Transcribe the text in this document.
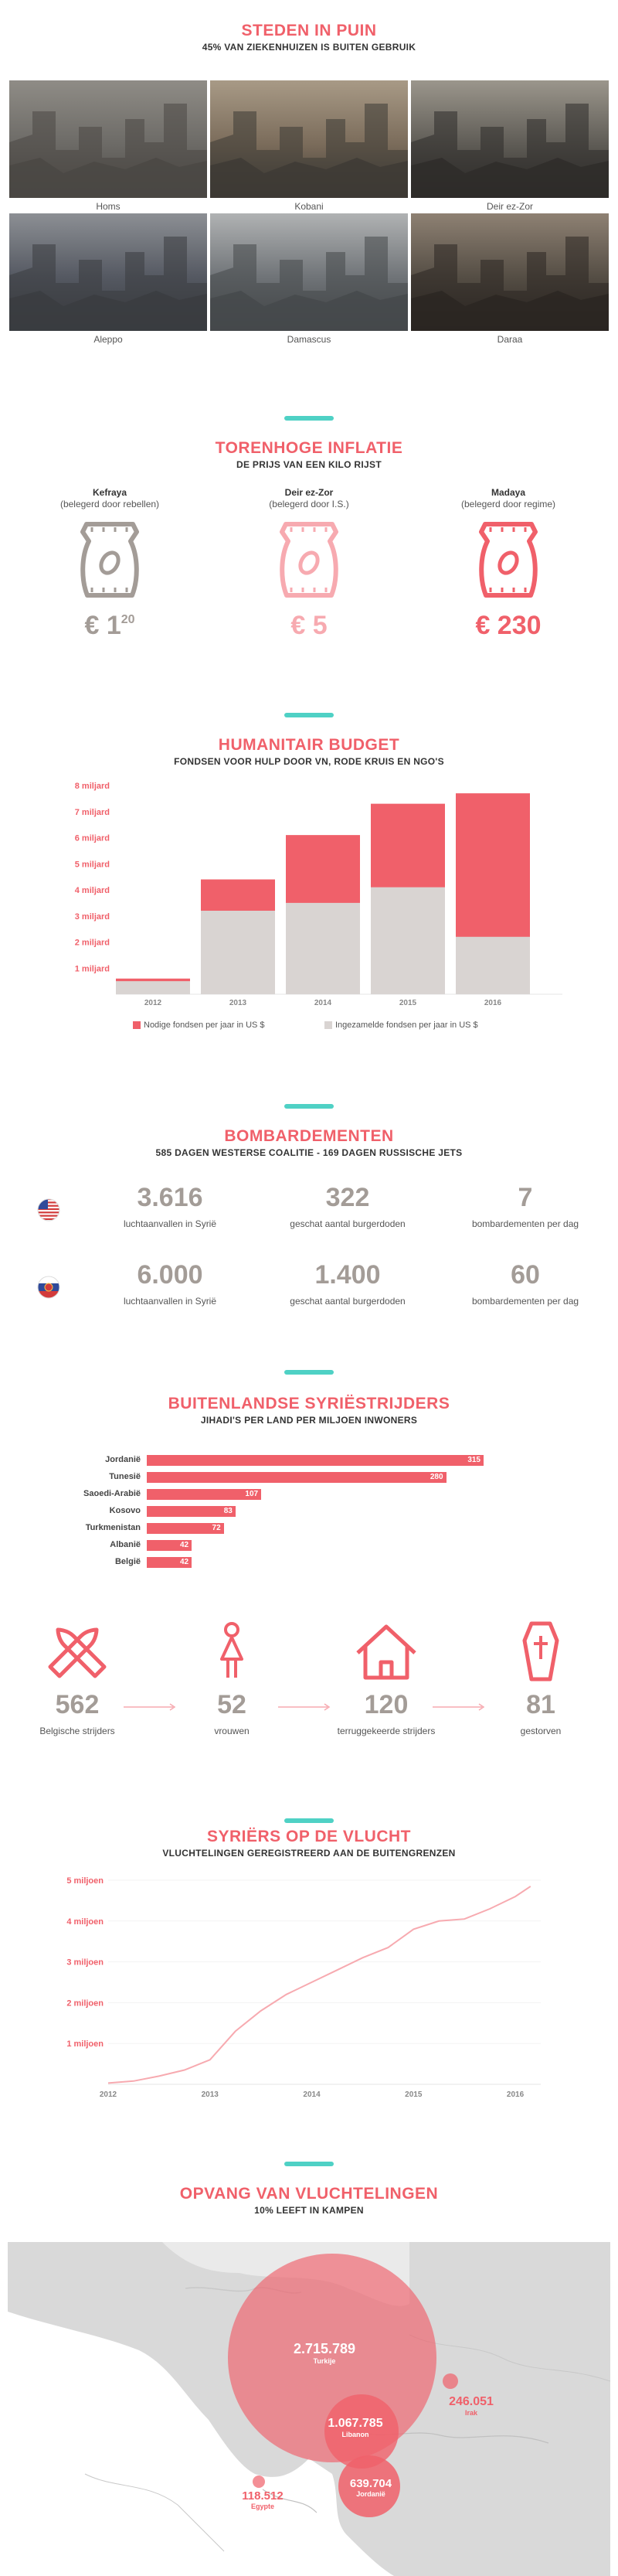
STEDEN IN PUIN
45% VAN ZIEKENHUIZEN IS BUITEN GEBRUIK
Homs	Kobani	Deir ez-Zor
Aleppo	Damascus	Daraa
TORENHOGE INFLATIE
DE PRIJS VAN EEN KILO RIJST
Kefraya
(belegerd door rebellen)
€ $1^{20}$
Deir ez-Zor
(belegerd door I.S.)
€ 5
Madaya
(belegerd door regime)
€ 230
HUMANITAIR BUDGET
FONDSEN VOOR HULP DOOR VN, RODE KRUIS EN NGO'S
1 miljard
2 miljard
3 miljard
4 miljard
5 miljard
6 miljard
7 miljard
8 miljard
2012	2013	2014	2015	2016
Nodige fondsen per jaar in US $	Ingezamelde fondsen per jaar in US $
BOMBARDEMENTEN
585 DAGEN WESTERSE COALITIE - 169 DAGEN RUSSISCHE JETS
3.616
luchtaanvallen in Syrië
322
geschat aantal burgerdoden
7
bombardementen per dag
6.000
luchtaanvallen in Syrië
1.400
geschat aantal burgerdoden
60
bombardementen per dag
BUITENLANDSE SYRIËSTRIJDERS
JIHADI'S PER LAND PER MILJOEN INWONERS
Jordanië	315
Tunesië	280
Saoedi-Arabië	107
Kosovo	83
Turkmenistan	72
Albanië	42
België	42
562
Belgische strijders
52
vrouwen
120
terruggekeerde strijders
81
gestorven
SYRIËRS OP DE VLUCHT
VLUCHTELINGEN GEREGISTREERD AAN DE BUITENGRENZEN
1 miljoen
2 miljoen
3 miljoen
4 miljoen
5 miljoen
2012	2013	2014	2015	2016
OPVANG VAN VLUCHTELINGEN
10% LEEFT IN KAMPEN
2.715.789
Turkije
1.067.785
Libanon
246.051
Irak
118.512
Egypte
639.704
Jordanië
